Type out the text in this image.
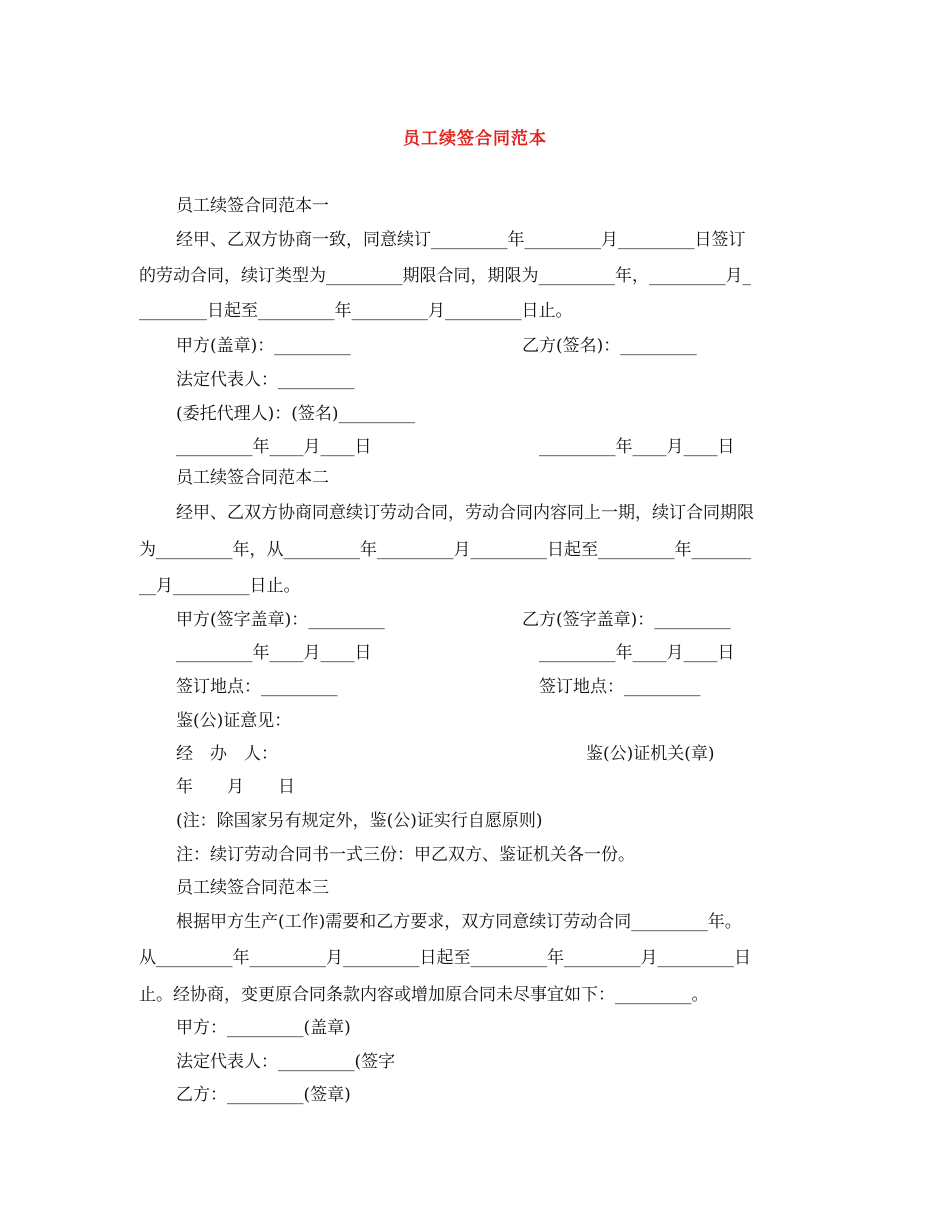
员工续签合同范本
员工续签合同范本一
经甲、乙双方协商一致，同意续订_________年_________月_________日签订
的劳动合同，续订类型为_________期限合同，期限为_________年，_________月_
________日起至_________年_________月_________日止。
甲方(盖章)：_________	乙方(签名)：_________
法定代表人：_________
(委托代理人)：(签名)_________
_________年____月____日	_________年____月____日
员工续签合同范本二
经甲、乙双方协商同意续订劳动合同，劳动合同内容同上一期，续订合同期限
为_________年，从_________年_________月_________日起至_________年_______
__月_________日止。
甲方(签字盖章)：_________	乙方(签字盖章)：_________
_________年____月____日	_________年____月____日
签订地点：_________	签订地点：_________
鉴(公)证意见：
经　办　人：	鉴(公)证机关(章)
年　　月　　日
(注：除国家另有规定外，鉴(公)证实行自愿原则)
注：续订劳动合同书一式三份：甲乙双方、鉴证机关各一份。
员工续签合同范本三
根据甲方生产(工作)需要和乙方要求，双方同意续订劳动合同_________年。
从_________年_________月_________日起至_________年_________月_________日
止。经协商，变更原合同条款内容或增加原合同未尽事宜如下：_________。
甲方：_________(盖章)
法定代表人：_________(签字
乙方：_________(签章)
